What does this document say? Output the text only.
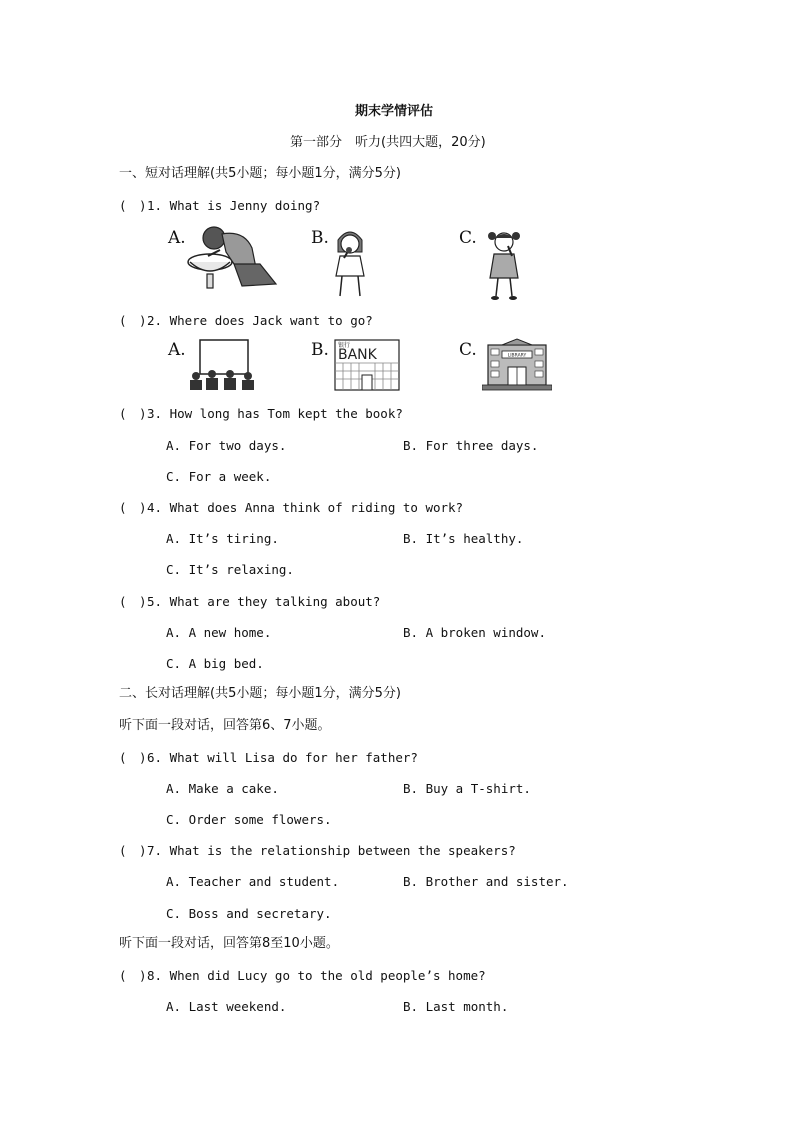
期末学情评估
第一部分　听力(共四大题，20分)
一、短对话理解(共5小题；每小题1分，满分5分)
(　) 1. What is Jenny doing?
A.	B.	C.
(　) 2. Where does Jack want to go?
A.	B. 银行
BANK	C.	LIBRARY
(　) 3. How long has Tom kept the book?
A. For two days.	B. For three days.
C. For a week.
(　) 4. What does Anna think of riding to work?
A. It’s tiring.	B. It’s healthy.
C. It’s relaxing.
(　) 5. What are they talking about?
A. A new home.	B. A broken window.
C. A big bed.
二、长对话理解(共5小题；每小题1分，满分5分)
听下面一段对话，回答第6、7小题。
(　) 6. What will Lisa do for her father?
A. Make a cake.	B. Buy a T-shirt.
C. Order some flowers.
(　) 7. What is the relationship between the speakers?
A. Teacher and student.	B. Brother and sister.
C. Boss and secretary.
听下面一段对话，回答第8至10小题。
(　) 8. When did Lucy go to the old people’s home?
A. Last weekend.	B. Last month.
